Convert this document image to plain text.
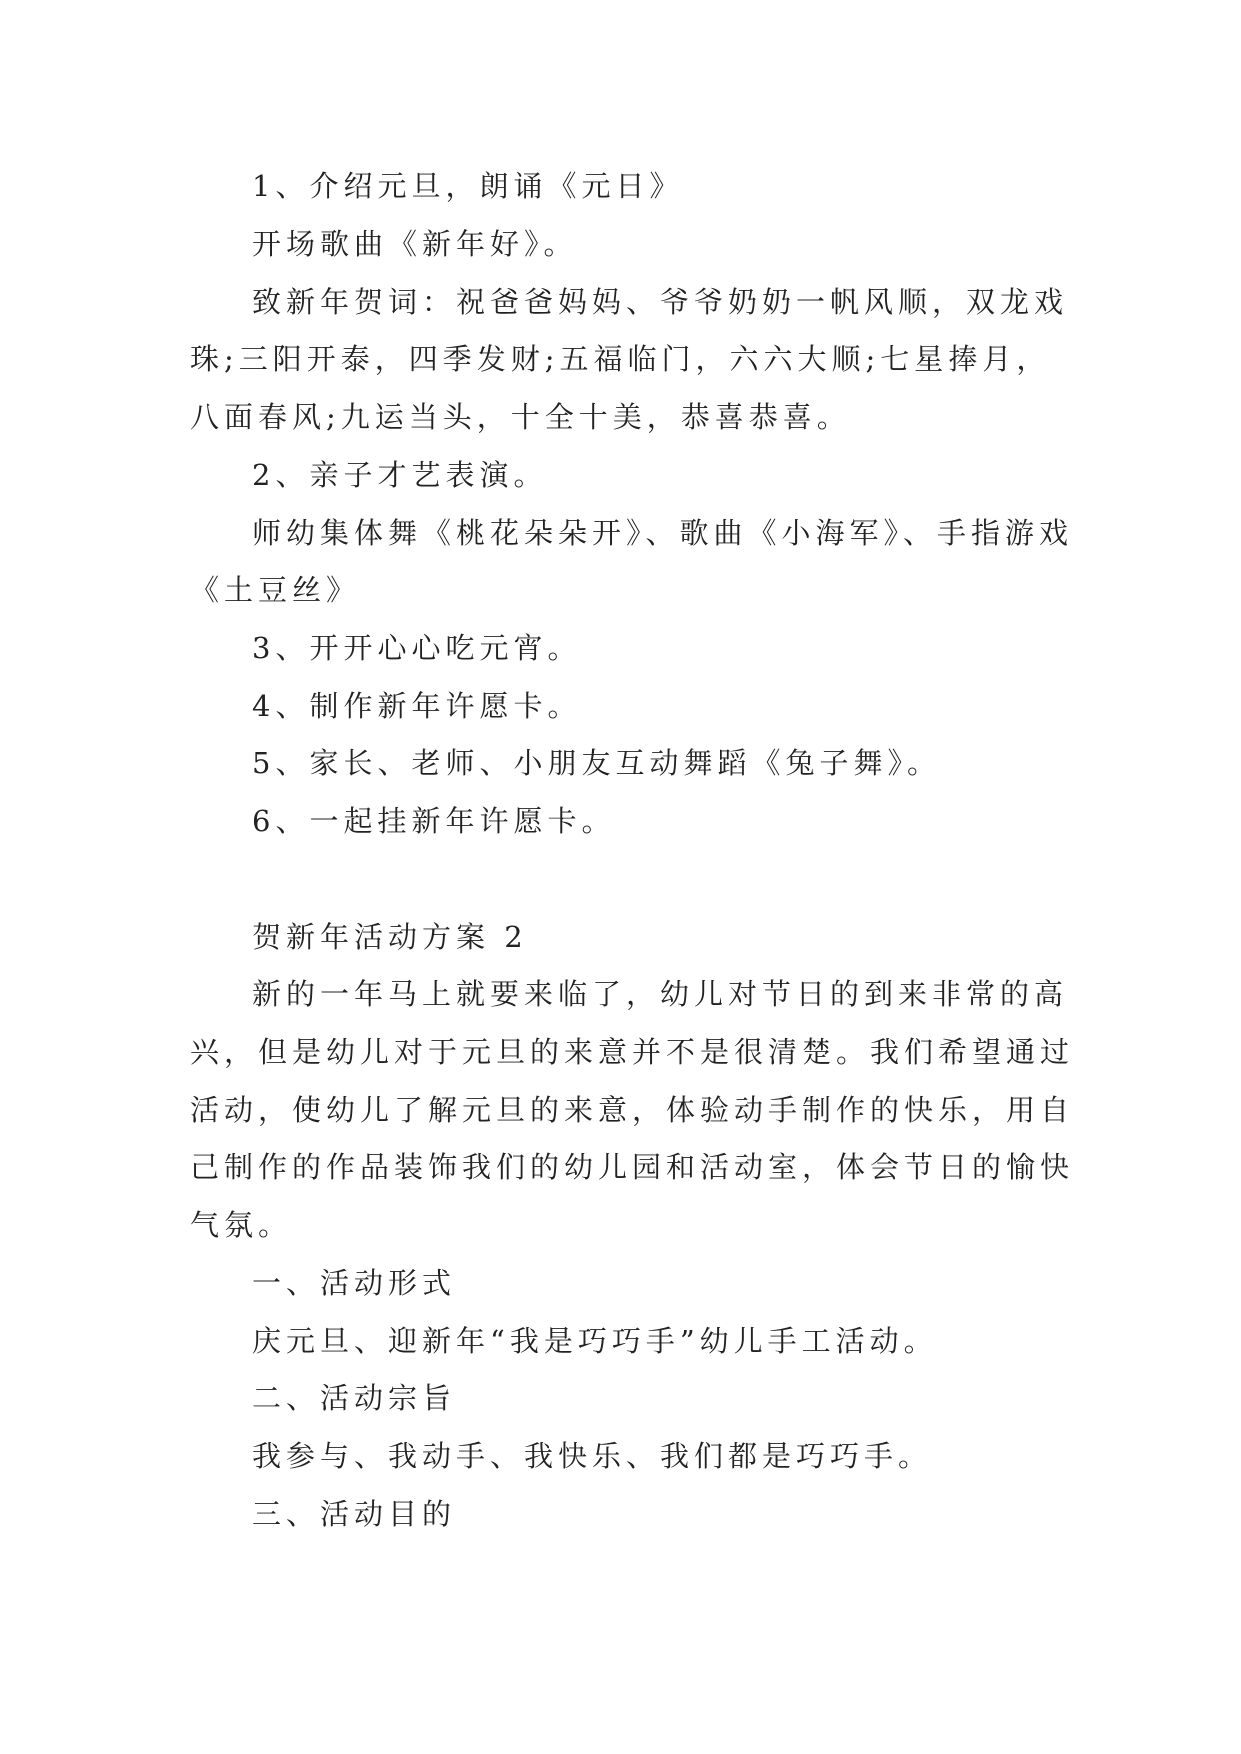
1、介绍元旦，朗诵《元日》
开场歌曲《新年好》。
致新年贺词：祝爸爸妈妈、爷爷奶奶一帆风顺，双龙戏
珠;三阳开泰，四季发财;五福临门，六六大顺;七星捧月，
八面春风;九运当头，十全十美，恭喜恭喜。
2、亲子才艺表演。
师幼集体舞《桃花朵朵开》、歌曲《小海军》、手指游戏
《土豆丝》
3、开开心心吃元宵。
4、制作新年许愿卡。
5、家长、老师、小朋友互动舞蹈《兔子舞》。
6、一起挂新年许愿卡。
贺新年活动方案 2
新的一年马上就要来临了，幼儿对节日的到来非常的高
兴，但是幼儿对于元旦的来意并不是很清楚。我们希望通过
活动，使幼儿了解元旦的来意，体验动手制作的快乐，用自
己制作的作品装饰我们的幼儿园和活动室，体会节日的愉快
气氛。
一、活动形式
庆元旦、迎新年“我是巧巧手”幼儿手工活动。
二、活动宗旨
我参与、我动手、我快乐、我们都是巧巧手。
三、活动目的
